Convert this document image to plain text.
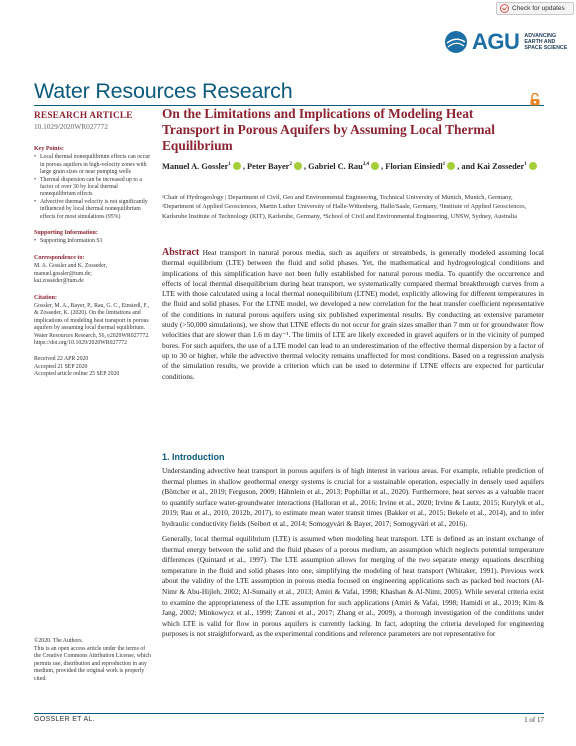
Check for updates
AGU ADVANCING
EARTH AND
SPACE SCIENCE
Water Resources Research
RESEARCH ARTICLE
10.1029/2020WR027772
Key Points:
• Local thermal nonequilibrium effects can occur in porous aquifers in high-velocity zones with large grain sizes or near pumping wells
• Thermal dispersion can be increased up to a factor of over 30 by local thermal nonequilibrium effects
• Advective thermal velocity is not significantly influenced by local thermal nonequilibrium effects for most simulations (95%)
Supporting Information:
• Supporting Information S1
Correspondence to:
M. A. Gossler and K. Zosseder,
manuel.gossler@tum.de;
kai.zosseder@tum.de
Citation:
Gossler, M. A., Bayer, P., Rau, G. C., Einsiedl, F., & Zosseder, K. (2020). On the limitations and implications of modeling heat transport in porous aquifers by assuming local thermal equilibrium. Water Resources Research, 56, e2020WR027772. https://doi.org/10.1029/2020WR027772
Received 22 APR 2020
Accepted 21 SEP 2020
Accepted article online 25 SEP 2020
©2020. The Authors.
This is an open access article under the terms of the Creative Commons Attribution License, which permits use, distribution and reproduction in any medium, provided the original work is properly cited.
On the Limitations and Implications of Modeling Heat Transport in Porous Aquifers by Assuming Local Thermal Equilibrium
Manuel A. Gossler$^1$ , Peter Bayer$^2$ , Gabriel C. Rau$^{3,4}$ , Florian Einsiedl$^1$ , and Kai Zosseder$^1$
¹Chair of Hydrogeology | Department of Civil, Geo and Environmental Engineering, Technical University of Munich, Munich, Germany, ²Department of Applied Geosciences, Martin Luther University of Halle-Wittenberg, Halle/Saale, Germany, ³Institute of Applied Geosciences, Karlsruhe Institute of Technology (KIT), Karlsruhe, Germany, ⁴School of Civil and Environmental Engineering, UNSW, Sydney, Australia
Abstract Heat transport in natural porous media, such as aquifers or streambeds, is generally modeled assuming local thermal equilibrium (LTE) between the fluid and solid phases. Yet, the mathematical and hydrogeological conditions and implications of this simplification have not been fully established for natural porous media. To quantify the occurrence and effects of local thermal disequilibrium during heat transport, we systematically compared thermal breakthrough curves from a LTE with those calculated using a local thermal nonequilibrium (LTNE) model, explicitly allowing for different temperatures in the fluid and solid phases. For the LTNE model, we developed a new correlation for the heat transfer coefficient representative of the conditions in natural porous aquifers using six published experimental results. By conducting an extensive parameter study (>50,000 simulations), we show that LTNE effects do not occur for grain sizes smaller than 7 mm or for groundwater flow velocities that are slower than 1.6 m day⁻¹. The limits of LTE are likely exceeded in gravel aquifers or in the vicinity of pumped bores. For such aquifers, the use of a LTE model can lead to an underestimation of the effective thermal dispersion by a factor of up to 30 or higher, while the advective thermal velocity remains unaffected for most conditions. Based on a regression analysis of the simulation results, we provide a criterion which can be used to determine if LTNE effects are expected for particular conditions.
1. Introduction

Understanding advective heat transport in porous aquifers is of high interest in various areas. For example, reliable prediction of thermal plumes in shallow geothermal energy systems is crucial for a sustainable operation, especially in densely used aquifers (Böttcher et al., 2019; Ferguson, 2009; Hähnlein et al., 2013; Pophillat et al., 2020). Furthermore, heat serves as a valuable tracer to quantify surface water-groundwater interactions (Halloran et al., 2016; Irvine et al., 2020; Irvine & Lautz, 2015; Kurylyk et al., 2019; Rau et al., 2010, 2012b, 2017), to estimate mean water transit times (Bakker et al., 2015; Bekele et al., 2014), and to infer hydraulic conductivity fields (Seibert et al., 2014; Somogyvári & Bayer, 2017; Somogyvári et al., 2016).

Generally, local thermal equilibrium (LTE) is assumed when modeling heat transport. LTE is defined as an instant exchange of thermal energy between the solid and the fluid phases of a porous medium, an assumption which neglects potential temperature differences (Quintard et al., 1997). The LTE assumption allows for merging of the two separate energy equations describing temperature in the fluid and solid phases into one, simplifying the modeling of heat transport (Whitaker, 1991). Previous work about the validity of the LTE assumption in porous media focused on engineering applications such as packed bed reactors (Al-Nimr & Abu-Hijleh, 2002; Al-Sumaily et al., 2013; Amiri & Vafai, 1998; Khashan & Al-Nimr, 2005). While several criteria exist to examine the appropriateness of the LTE assumption for such applications (Amiri & Vafai, 1998; Hamidi et al., 2019; Kim & Jang, 2002; Minkowycz et al., 1999; Zanoni et al., 2017; Zhang et al., 2009), a thorough investigation of the conditions under which LTE is valid for flow in porous aquifers is currently lacking. In fact, adopting the criteria developed for engineering purposes is not straightforward, as the experimental conditions and reference parameters are not representative for

GOSSLER ET AL.	1 of 17
